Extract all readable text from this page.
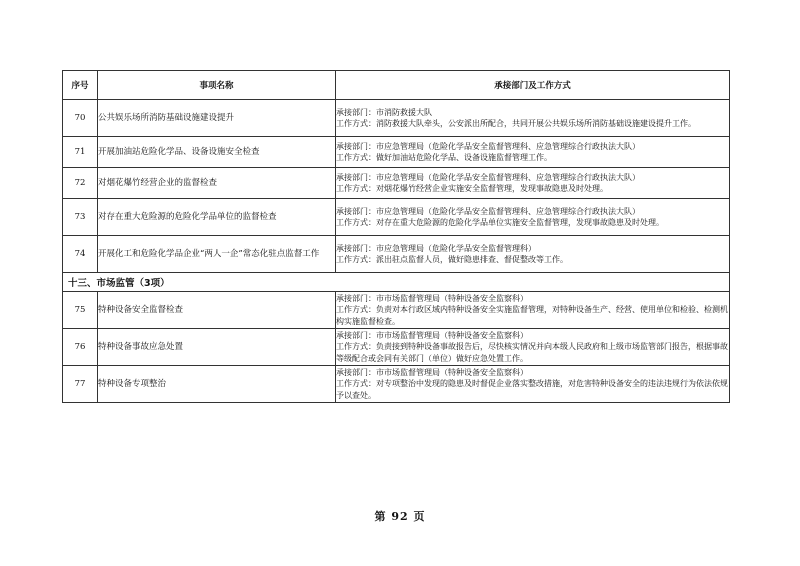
序号	事项名称	承接部门及工作方式
70	公共娱乐场所消防基础设施建设提升	承接部门：市消防救援大队
工作方式：消防救援大队牵头，公安派出所配合，共同开展公共娱乐场所消防基础设施建设提升工作。

71	开展加油站危险化学品、设备设施安全检查	承接部门：市应急管理局（危险化学品安全监督管理科、应急管理综合行政执法大队）
工作方式：做好加油站危险化学品、设备设施监督管理工作。

72	对烟花爆竹经营企业的监督检查	承接部门：市应急管理局（危险化学品安全监督管理科、应急管理综合行政执法大队）
工作方式：对烟花爆竹经营企业实施安全监督管理，发现事故隐患及时处理。

73	对存在重大危险源的危险化学品单位的监督检查	承接部门：市应急管理局（危险化学品安全监督管理科、应急管理综合行政执法大队）
工作方式：对存在重大危险源的危险化学品单位实施安全监督管理，发现事故隐患及时处理。

74	开展化工和危险化学品企业“两人一企”常态化驻点监督工作	承接部门：市应急管理局（危险化学品安全监督管理科）
工作方式：派出驻点监督人员，做好隐患排查、督促整改等工作。

十三、市场监管（3项）		
75	特种设备安全监督检查	承接部门：市市场监督管理局（特种设备安全监察科）
工作方式：负责对本行政区域内特种设备安全实施监督管理，对特种设备生产、经营、使用单位和检验、检测机构实施监督检查。

76	特种设备事故应急处置	承接部门：市市场监督管理局（特种设备安全监察科）
工作方式：负责接到特种设备事故报告后，尽快核实情况并向本级人民政府和上级市场监管部门报告，根据事故等级配合或会同有关部门（单位）做好应急处置工作。

77	特种设备专项整治	承接部门：市市场监督管理局（特种设备安全监察科）
工作方式：对专项整治中发现的隐患及时督促企业落实整改措施，对危害特种设备安全的违法违规行为依法依规予以查处。
第 92 页
